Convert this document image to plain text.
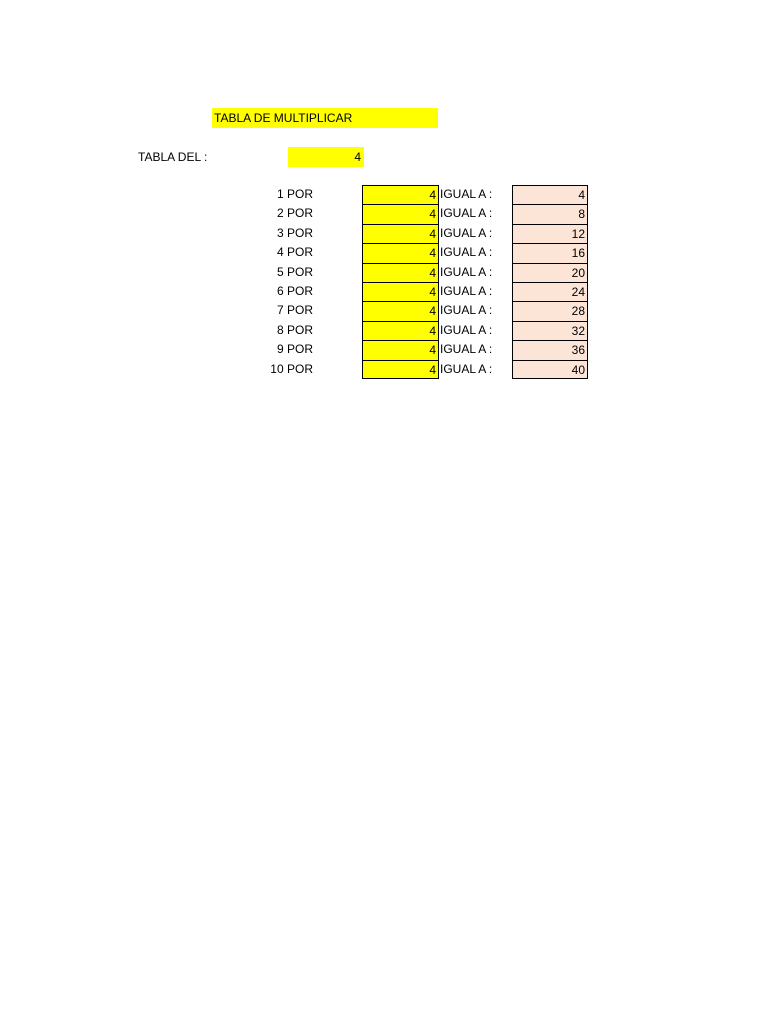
TABLA DE MULTIPLICAR
TABLA DEL :	4
1 POR	4 IGUAL A :	4
2 POR	4 IGUAL A :	8
3 POR	4 IGUAL A :	12
4 POR	4 IGUAL A :	16
5 POR	4 IGUAL A :	20
6 POR	4 IGUAL A :	24
7 POR	4 IGUAL A :	28
8 POR	4 IGUAL A :	32
9 POR	4 IGUAL A :	36
10 POR	4 IGUAL A :	40
